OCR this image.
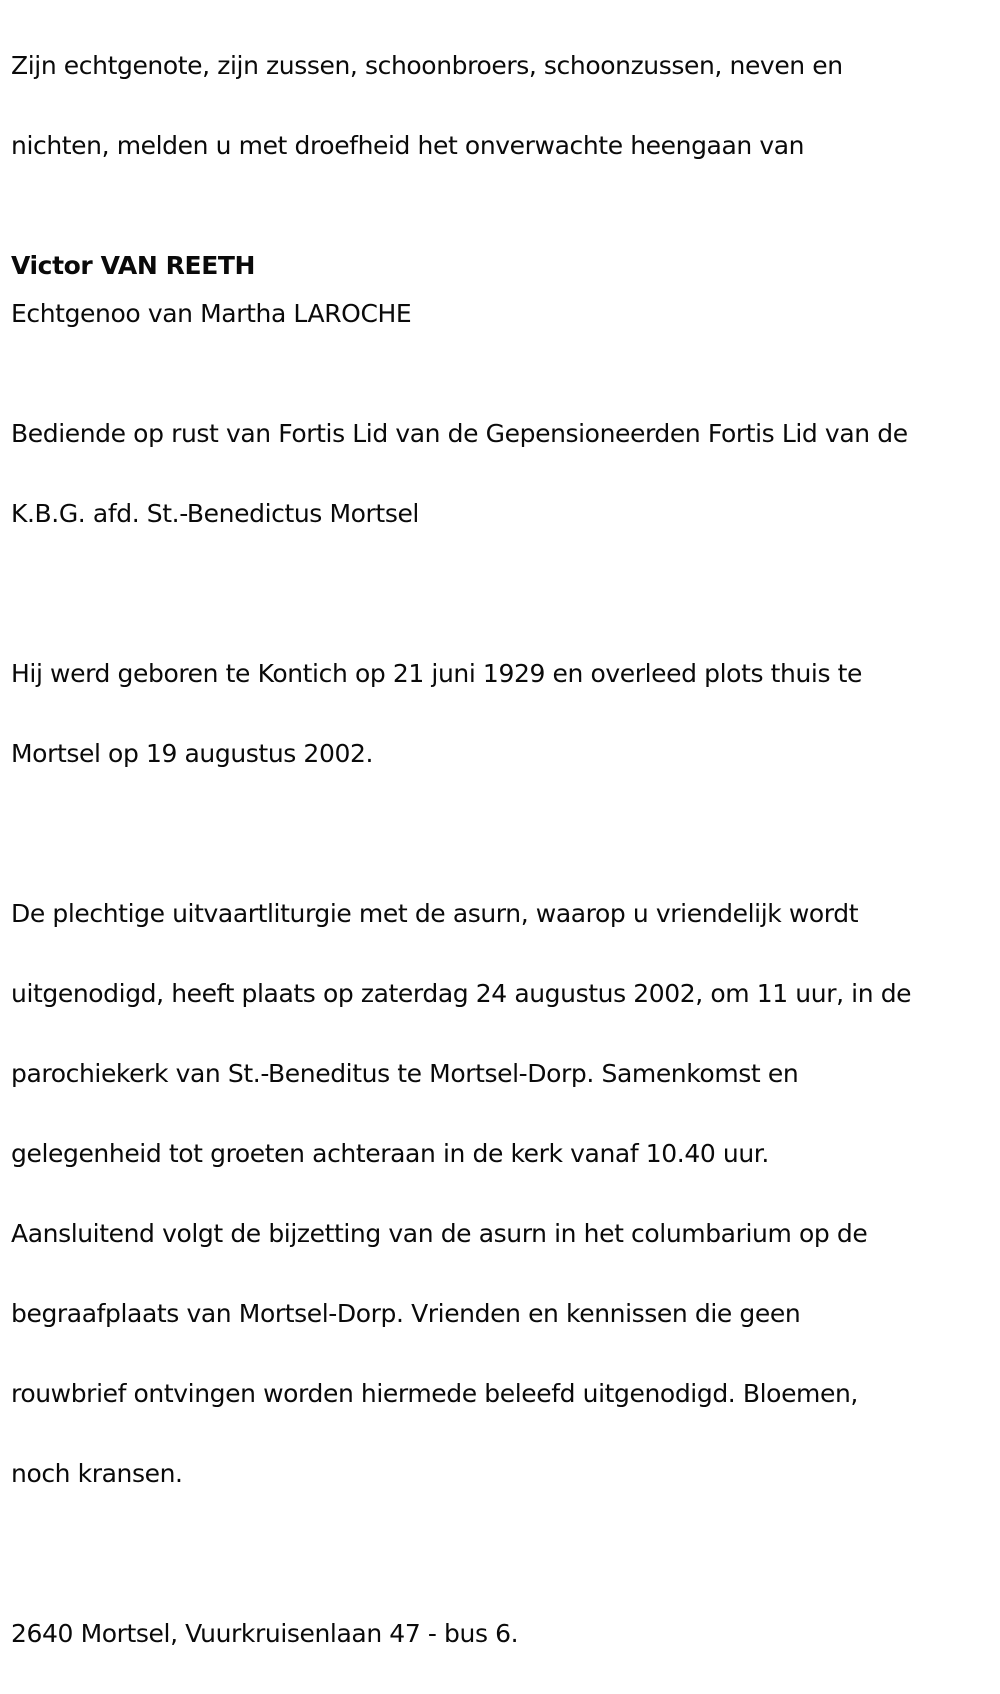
Zijn echtgenote, zijn zussen, schoonbroers, schoonzussen, neven en

nichten, melden u met droefheid het onverwachte heengaan van

Victor VAN REETH

Echtgenoo van Martha LAROCHE

Bediende op rust van Fortis Lid van de Gepensioneerden Fortis Lid van de

K.B.G. afd. St.-Benedictus Mortsel

Hij werd geboren te Kontich op 21 juni 1929 en overleed plots thuis te

Mortsel op 19 augustus 2002.

De plechtige uitvaartliturgie met de asurn, waarop u vriendelijk wordt

uitgenodigd, heeft plaats op zaterdag 24 augustus 2002, om 11 uur, in de

parochiekerk van St.-Beneditus te Mortsel-Dorp. Samenkomst en

gelegenheid tot groeten achteraan in de kerk vanaf 10.40 uur.

Aansluitend volgt de bijzetting van de asurn in het columbarium op de

begraafplaats van Mortsel-Dorp. Vrienden en kennissen die geen

rouwbrief ontvingen worden hiermede beleefd uitgenodigd. Bloemen,

noch kransen.

2640 Mortsel, Vuurkruisenlaan 47 - bus 6.
